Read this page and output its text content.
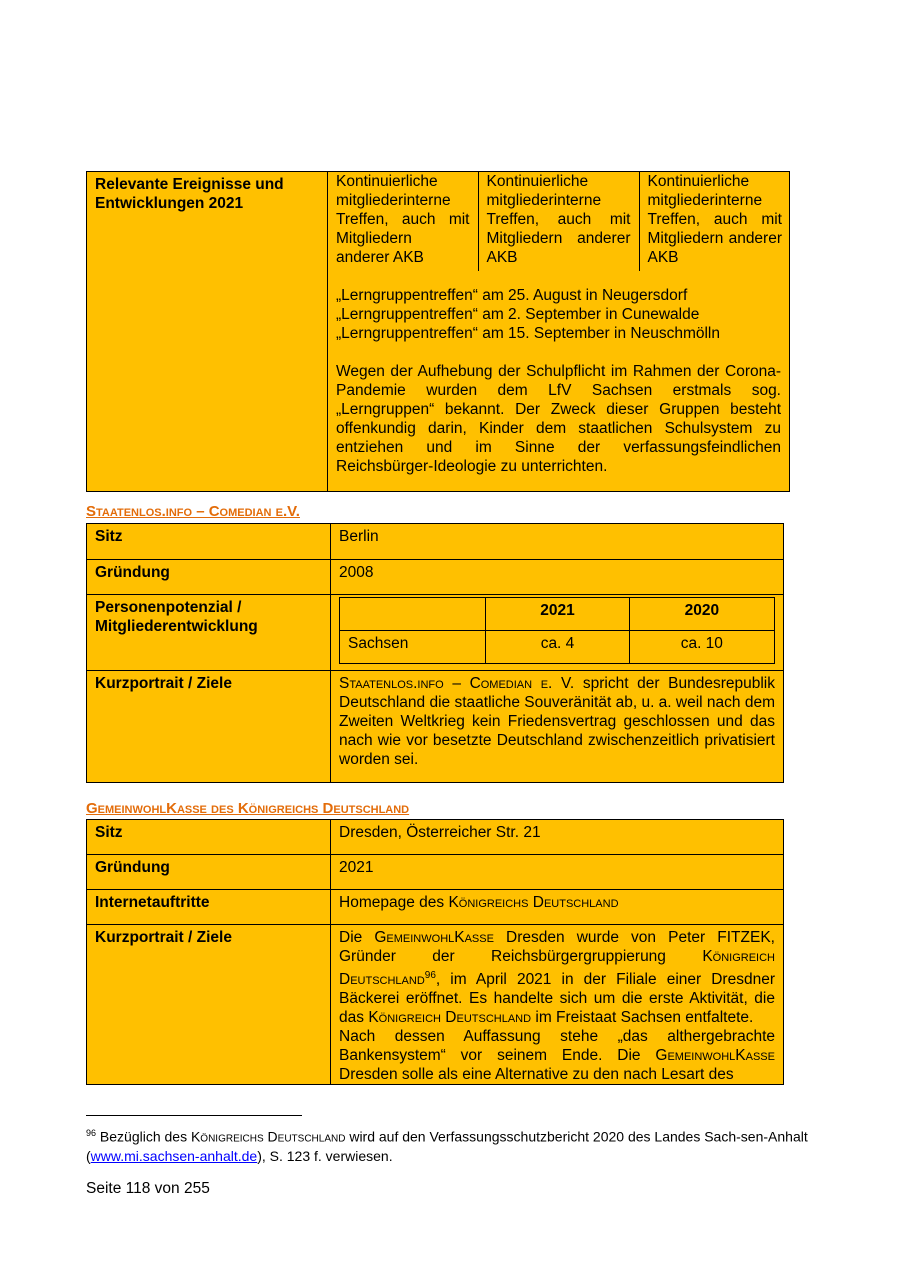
Relevante Ereignisse und Entwicklungen 2021	
Kontinuierliche mitgliederinterne Treffen, auch mit Mitgliedern anderer AKB	Kontinuierliche mitgliederinterne Treffen, auch mit Mitgliedern anderer AKB	Kontinuierliche mitgliederinterne Treffen, auch mit Mitgliedern anderer AKB

„Lerngruppentreffen“ am 25. August in Neugersdorf

„Lerngruppentreffen“ am 2. September in Cunewalde

„Lerngruppentreffen“ am 15. September in Neuschmölln

Wegen der Aufhebung der Schulpflicht im Rahmen der Corona-Pandemie wurden dem LfV Sachsen erstmals sog. „Lerngruppen“ bekannt. Der Zweck dieser Gruppen besteht offenkundig darin, Kinder dem staatlichen Schulsystem zu entziehen und im Sinne der verfassungsfeindlichen Reichsbürger-Ideologie zu unterrichten.

Staatenlos.info – Comedian e.V.
Sitz	Berlin
Gründung	2008
Personenpotenzial / Mitgliederentwicklung	
	2021	2020
Sachsen	ca. 4	ca. 10

Kurzportrait / Ziele	Staatenlos.info – Comedian e. V. spricht der Bundesrepublik Deutschland die staatliche Souveränität ab, u. a. weil nach dem Zweiten Weltkrieg kein Friedensvertrag geschlossen und das nach wie vor besetzte Deutschland zwischenzeitlich privatisiert worden sei.
GemeinwohlKasse des Königreichs Deutschland
Sitz	Dresden, Österreicher Str. 21
Gründung	2021
Internetauftritte	Homepage des Königreichs Deutschland
Kurzportrait / Ziele	Die GemeinwohlKasse Dresden wurde von Peter FITZEK, Gründer der Reichsbürgergruppierung Königreich Deutschland$^{96}$, im April 2021 in der Filiale einer Dresdner Bäckerei eröffnet. Es handelte sich um die erste Aktivität, die das Königreich Deutschland im Freistaat Sachsen entfaltete.

Nach dessen Auffassung stehe „das althergebrachte Bankensystem“ vor seinem Ende. Die GemeinwohlKasse Dresden solle als eine Alternative zu den nach Lesart des

$^{96}$ Bezüglich des Königreichs Deutschland wird auf den Verfassungsschutzbericht 2020 des Landes Sach-sen-Anhalt (www.mi.sachsen-anhalt.de), S. 123 f. verwiesen.
Seite 118 von 255
